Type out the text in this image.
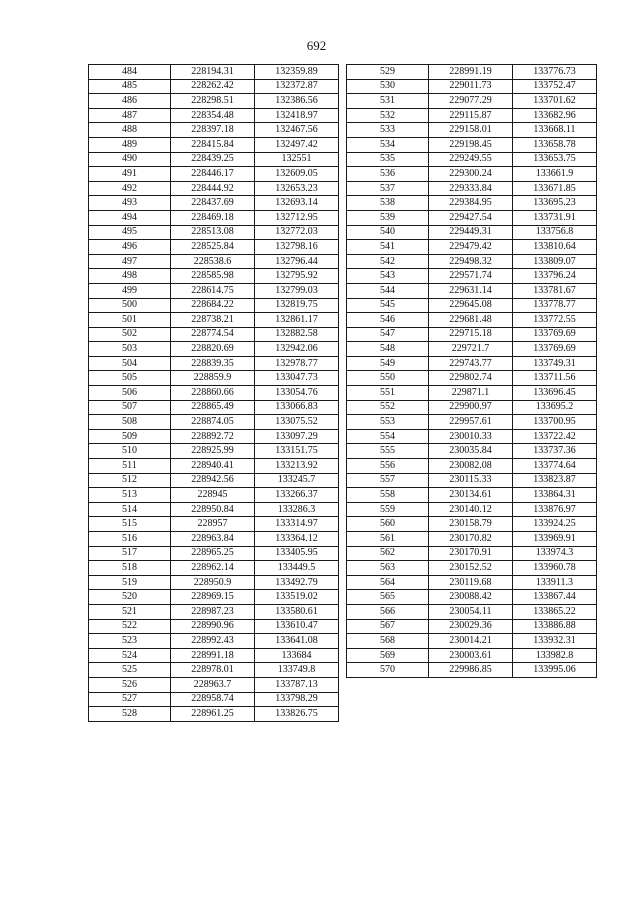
692
484	228194.31	132359.89
485	228262.42	132372.87
486	228298.51	132386.56
487	228354.48	132418.97
488	228397.18	132467.56
489	228415.84	132497.42
490	228439.25	132551
491	228446.17	132609.05
492	228444.92	132653.23
493	228437.69	132693.14
494	228469.18	132712.95
495	228513.08	132772.03
496	228525.84	132798.16
497	228538.6	132796.44
498	228585.98	132795.92
499	228614.75	132799.03
500	228684.22	132819.75
501	228738.21	132861.17
502	228774.54	132882.58
503	228820.69	132942.06
504	228839.35	132978.77
505	228859.9	133047.73
506	228860.66	133054.76
507	228865.49	133066.83
508	228874.05	133075.52
509	228892.72	133097.29
510	228925.99	133151.75
511	228940.41	133213.92
512	228942.56	133245.7
513	228945	133266.37
514	228950.84	133286.3
515	228957	133314.97
516	228963.84	133364.12
517	228965.25	133405.95
518	228962.14	133449.5
519	228950.9	133492.79
520	228969.15	133519.02
521	228987.23	133580.61
522	228990.96	133610.47
523	228992.43	133641.08
524	228991.18	133684
525	228978.01	133749.8
526	228963.7	133787.13
527	228958.74	133798.29
528	228961.25	133826.75
529	228991.19	133776.73
530	229011.73	133752.47
531	229077.29	133701.62
532	229115.87	133682.96
533	229158.01	133668.11
534	229198.45	133658.78
535	229249.55	133653.75
536	229300.24	133661.9
537	229333.84	133671.85
538	229384.95	133695.23
539	229427.54	133731.91
540	229449.31	133756.8
541	229479.42	133810.64
542	229498.32	133809.07
543	229571.74	133796.24
544	229631.14	133781.67
545	229645.08	133778.77
546	229681.48	133772.55
547	229715.18	133769.69
548	229721.7	133769.69
549	229743.77	133749.31
550	229802.74	133711.56
551	229871.1	133696.45
552	229900.97	133695.2
553	229957.61	133700.95
554	230010.33	133722.42
555	230035.84	133737.36
556	230082.08	133774.64
557	230115.33	133823.87
558	230134.61	133864.31
559	230140.12	133876.97
560	230158.79	133924.25
561	230170.82	133969.91
562	230170.91	133974.3
563	230152.52	133960.78
564	230119.68	133911.3
565	230088.42	133867.44
566	230054.11	133865.22
567	230029.36	133886.88
568	230014.21	133932.31
569	230003.61	133982.8
570	229986.85	133995.06
